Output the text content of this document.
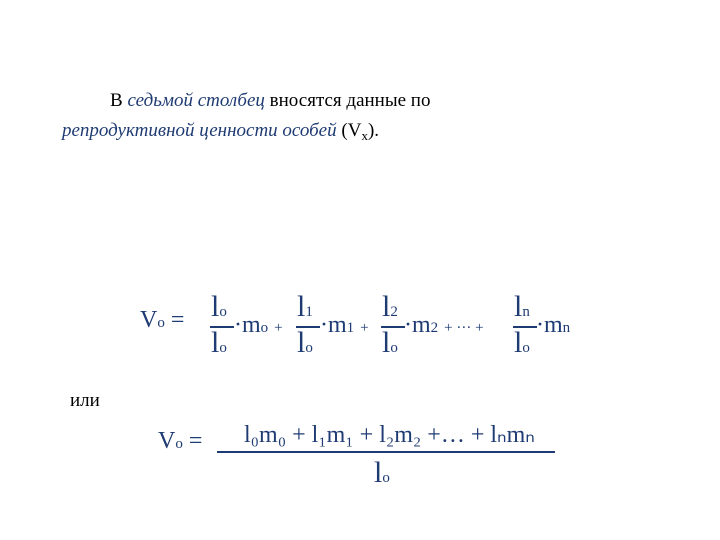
В седьмой столбец вносятся данные по
репродуктивной ценности особей $(V_x)$.
Vo = lo
lo
·mo +
l1
lo
·m1 +
l2
lo
·m2 + ··· +
ln
lo
·mn
или
Vo = l₀m₀ + l₁m₁ + l₂m₂ +… + lₙmₙ
lo
